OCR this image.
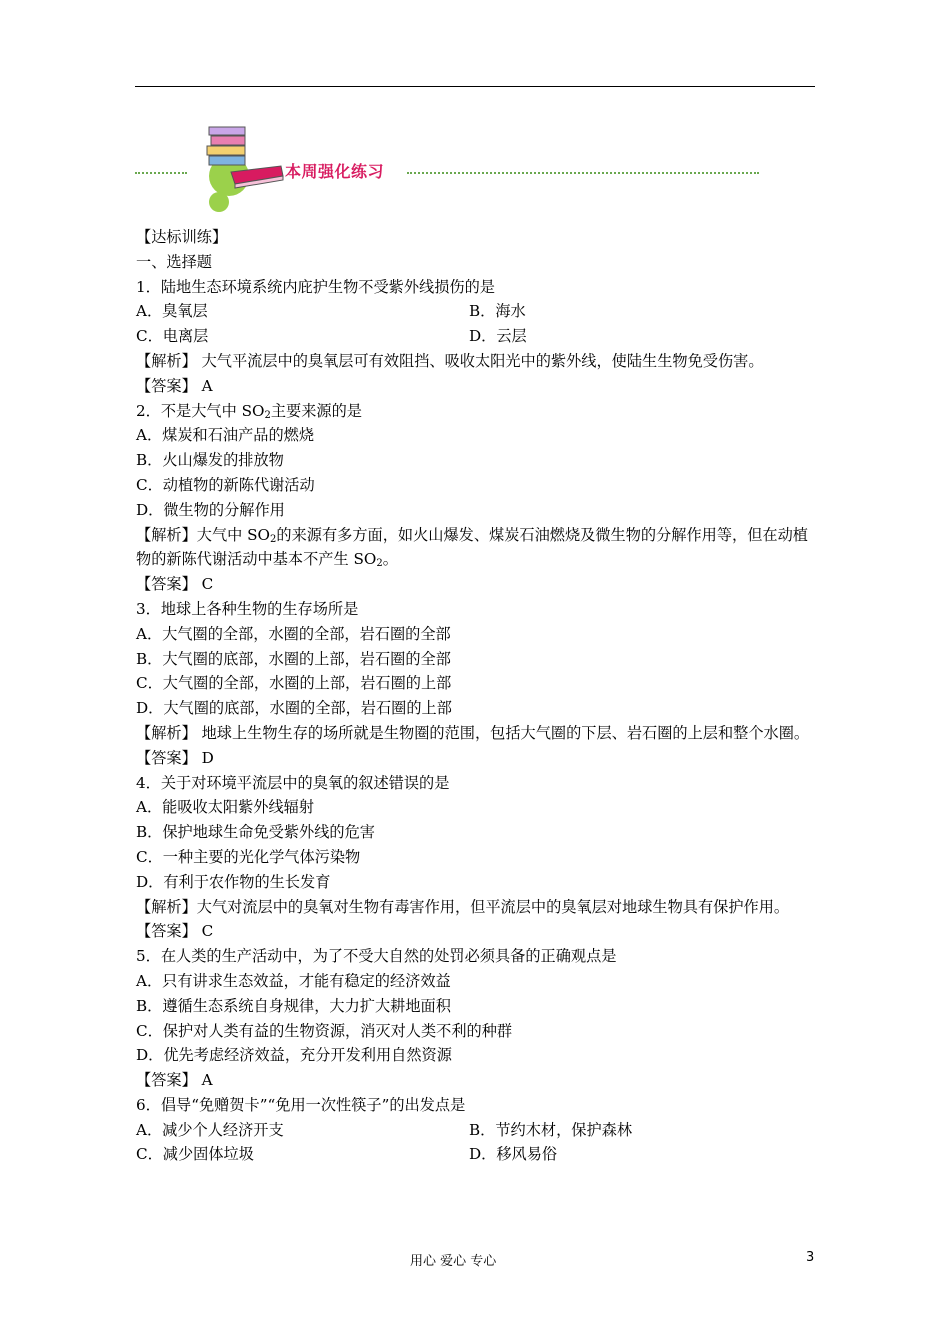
本周强化练习
【达标训练】
一、选择题
1．陆地生态环境系统内庇护生物不受紫外线损伤的是
A．臭氧层	B．海水
C．电离层	D．云层
【解析】 大气平流层中的臭氧层可有效阻挡、吸收太阳光中的紫外线，使陆生生物免受伤害。
【答案】 A
2．不是大气中 $SO_2$主要来源的是
A．煤炭和石油产品的燃烧
B．火山爆发的排放物
C．动植物的新陈代谢活动
D．微生物的分解作用
【解析】大气中 $SO_2$的来源有多方面，如火山爆发、煤炭石油燃烧及微生物的分解作用等，但在动植物的新陈代谢活动中基本不产生 $SO_2$。
【答案】 C
3．地球上各种生物的生存场所是
A．大气圈的全部，水圈的全部，岩石圈的全部
B．大气圈的底部，水圈的上部，岩石圈的全部
C．大气圈的全部，水圈的上部，岩石圈的上部
D．大气圈的底部，水圈的全部，岩石圈的上部
【解析】 地球上生物生存的场所就是生物圈的范围，包括大气圈的下层、岩石圈的上层和整个水圈。
【答案】 D
4．关于对环境平流层中的臭氧的叙述错误的是
A．能吸收太阳紫外线辐射
B．保护地球生命免受紫外线的危害
C．一种主要的光化学气体污染物
D．有利于农作物的生长发育
【解析】大气对流层中的臭氧对生物有毒害作用，但平流层中的臭氧层对地球生物具有保护作用。
【答案】 C
5．在人类的生产活动中，为了不受大自然的处罚必须具备的正确观点是
A．只有讲求生态效益，才能有稳定的经济效益
B．遵循生态系统自身规律，大力扩大耕地面积
C．保护对人类有益的生物资源，消灭对人类不利的种群
D．优先考虑经济效益，充分开发利用自然资源
【答案】 A
6．倡导“免赠贺卡”“免用一次性筷子”的出发点是
A．减少个人经济开支	B．节约木材，保护森林
C．减少固体垃圾	D．移风易俗
用心 爱心 专心	3
